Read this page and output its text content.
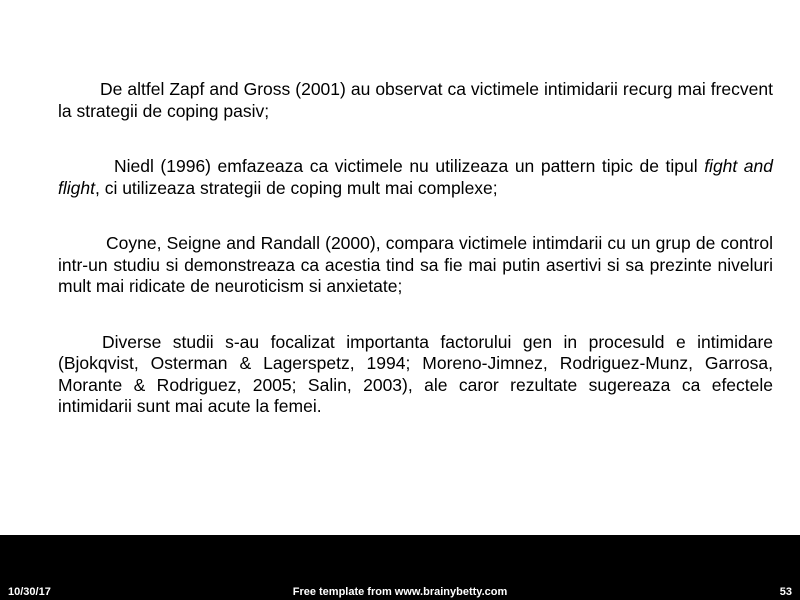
De altfel Zapf and Gross (2001) au observat ca victimele intimidarii recurg mai frecvent la strategii de coping pasiv;

Niedl (1996) emfazeaza ca victimele nu utilizeaza un pattern tipic de tipul fight and flight, ci utilizeaza strategii de coping mult mai complexe;

Coyne, Seigne and Randall (2000), compara victimele intimdarii cu un grup de control intr-un studiu si demonstreaza ca acestia tind sa fie mai putin asertivi si sa prezinte niveluri mult mai ridicate de neuroticism si anxietate;

Diverse studii s-au focalizat importanta factorului gen in procesuld e intimidare (Bjokqvist, Osterman & Lagerspetz, 1994; Moreno-Jimnez, Rodriguez-Munz, Garrosa, Morante & Rodriguez, 2005; Salin, 2003), ale caror rezultate sugereaza ca efectele intimidarii sunt mai acute la femei.

Free template from www.brainybetty.com
10/30/17	53
